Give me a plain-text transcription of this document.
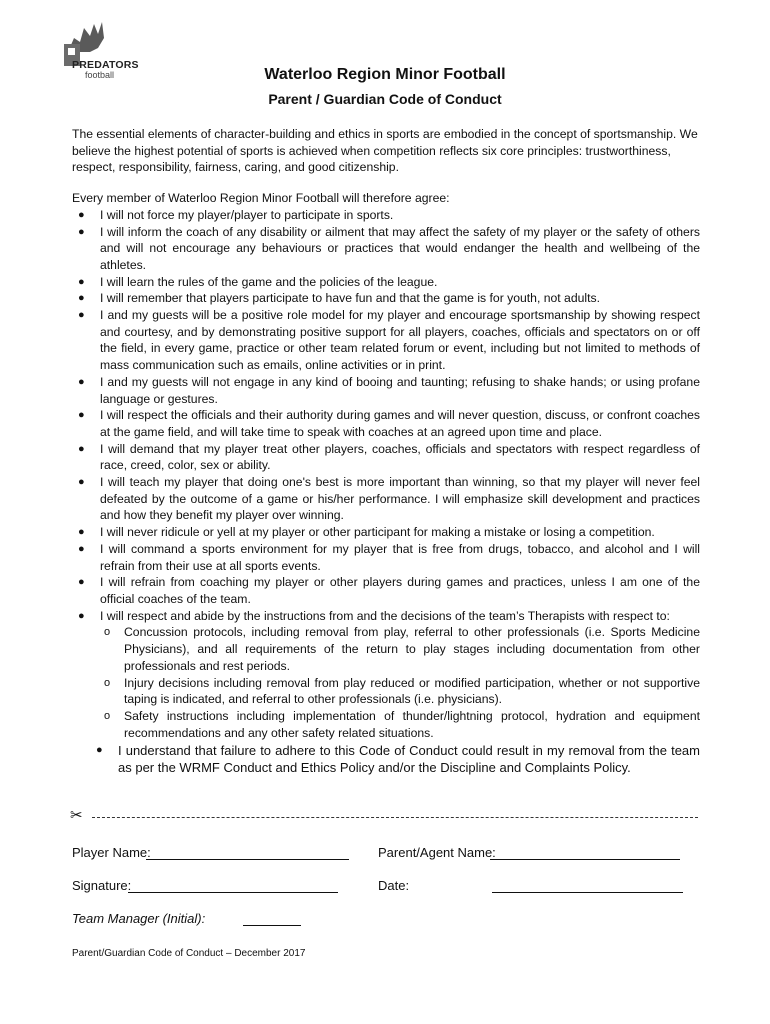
PREDATORS
football	Waterloo Region Minor Football
Parent / Guardian Code of Conduct

The essential elements of character-building and ethics in sports are embodied in the concept of sportsmanship. We believe the highest potential of sports is achieved when competition reflects six core principles: trustworthiness, respect, responsibility, fairness, caring, and good citizenship.

Every member of Waterloo Region Minor Football will therefore agree:

● I will not force my player/player to participate in sports.
● I will inform the coach of any disability or ailment that may affect the safety of my player or the safety of others and will not encourage any behaviours or practices that would endanger the health and wellbeing of the athletes.
● I will learn the rules of the game and the policies of the league.
● I will remember that players participate to have fun and that the game is for youth, not adults.
● I and my guests will be a positive role model for my player and encourage sportsmanship by showing respect and courtesy, and by demonstrating positive support for all players, coaches, officials and spectators on or off the field, in every game, practice or other team related forum or event, including but not limited to methods of mass communication such as emails, online activities or in print.
● I and my guests will not engage in any kind of booing and taunting; refusing to shake hands; or using profane language or gestures.
● I will respect the officials and their authority during games and will never question, discuss, or confront coaches at the game field, and will take time to speak with coaches at an agreed upon time and place.
● I will demand that my player treat other players, coaches, officials and spectators with respect regardless of race, creed, color, sex or ability.
● I will teach my player that doing one's best is more important than winning, so that my player will never feel defeated by the outcome of a game or his/her performance. I will emphasize skill development and practices and how they benefit my player over winning.
● I will never ridicule or yell at my player or other participant for making a mistake or losing a competition.
● I will command a sports environment for my player that is free from drugs, tobacco, and alcohol and I will refrain from their use at all sports events.
● I will refrain from coaching my player or other players during games and practices, unless I am one of the official coaches of the team.
● I will respect and abide by the instructions from and the decisions of the team’s Therapists with respect to:
o Concussion protocols, including removal from play, referral to other professionals (i.e. Sports Medicine Physicians), and all requirements of the return to play stages including documentation from other professionals and rest periods.
o Injury decisions including removal from play reduced or modified participation, whether or not supportive taping is indicated, and referral to other professionals (i.e. physicians).
o Safety instructions including implementation of thunder/lightning protocol, hydration and equipment recommendations and any other safety related situations.
● I understand that failure to adhere to this Code of Conduct could result in my removal from the team as per the WRMF Conduct and Ethics Policy and/or the Discipline and Complaints Policy.
✂
Player Name:	Parent/Agent Name:
Signature:	Date:
Team Manager (Initial):
Parent/Guardian Code of Conduct – December 2017
